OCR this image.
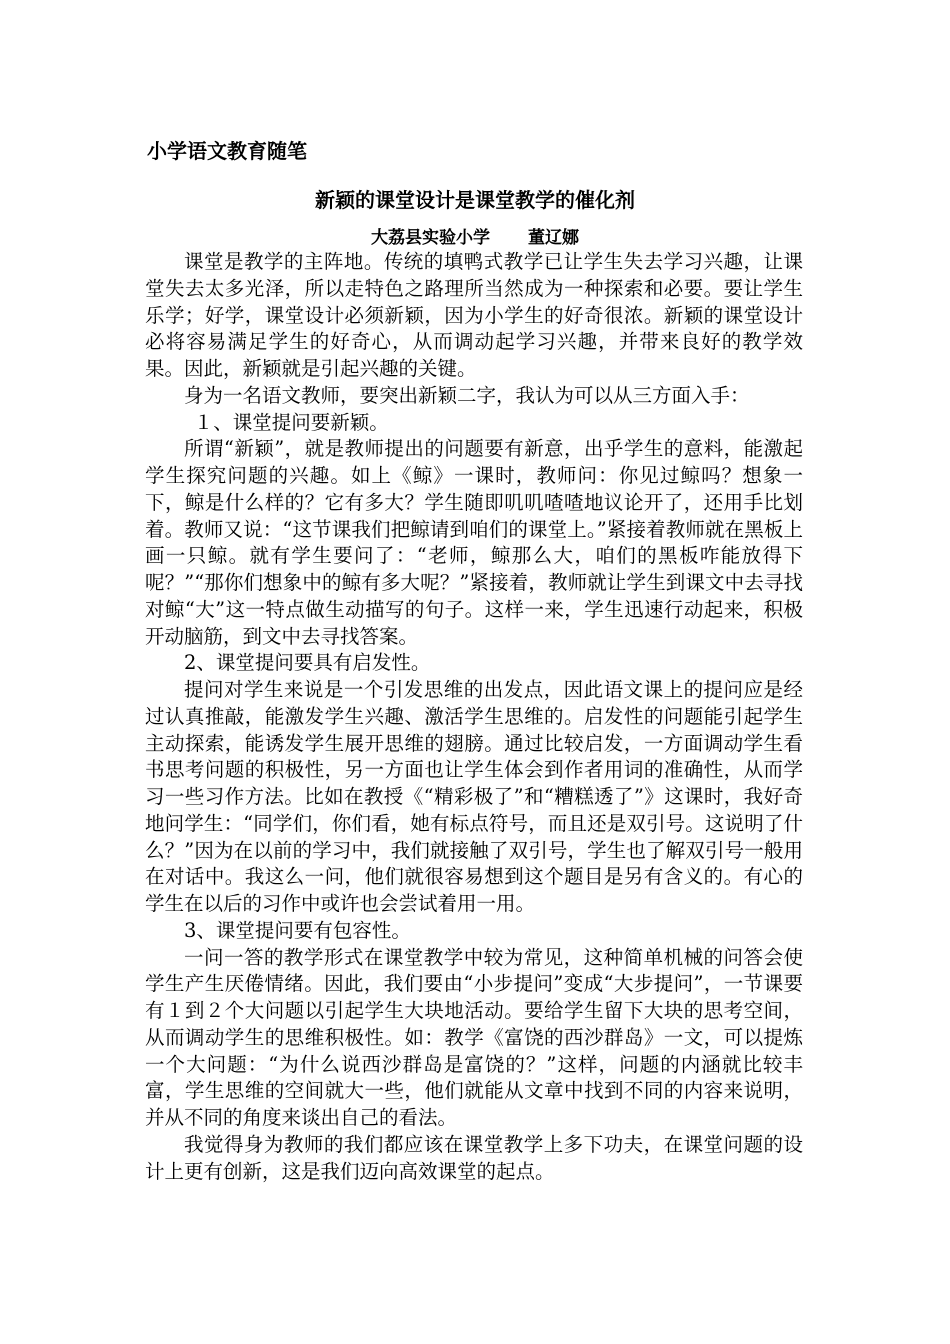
小学语文教育随笔
新颖的课堂设计是课堂教学的催化剂
大荔县实验小学 董辽娜

课堂是教学的主阵地。传统的填鸭式教学已让学生失去学习兴趣，让课堂失去太多光泽，所以走特色之路理所当然成为一种探索和必要。要让学生乐学；好学，课堂设计必须新颖，因为小学生的好奇很浓。新颖的课堂设计必将容易满足学生的好奇心，从而调动起学习兴趣，并带来良好的教学效果。因此，新颖就是引起兴趣的关键。

身为一名语文教师，要突出新颖二字，我认为可以从三方面入手：

１、课堂提问要新颖。

所谓“新颖”，就是教师提出的问题要有新意，出乎学生的意料，能激起学生探究问题的兴趣。如上《鲸》一课时，教师问：你见过鲸吗？想象一下，鲸是什么样的？它有多大？学生随即叽叽喳喳地议论开了，还用手比划着。教师又说：“这节课我们把鲸请到咱们的课堂上。”紧接着教师就在黑板上画一只鲸。就有学生要问了：“老师，鲸那么大，咱们的黑板咋能放得下呢？”“那你们想象中的鲸有多大呢？”紧接着，教师就让学生到课文中去寻找对鲸“大”这一特点做生动描写的句子。这样一来，学生迅速行动起来，积极开动脑筋，到文中去寻找答案。

2、课堂提问要具有启发性。

提问对学生来说是一个引发思维的出发点，因此语文课上的提问应是经过认真推敲，能激发学生兴趣、激活学生思维的。启发性的问题能引起学生主动探索，能诱发学生展开思维的翅膀。通过比较启发，一方面调动学生看书思考问题的积极性，另一方面也让学生体会到作者用词的准确性，从而学习一些习作方法。比如在教授《“精彩极了”和“糟糕透了”》这课时，我好奇地问学生：“同学们，你们看，她有标点符号，而且还是双引号。这说明了什么？”因为在以前的学习中，我们就接触了双引号，学生也了解双引号一般用在对话中。我这么一问，他们就很容易想到这个题目是另有含义的。有心的学生在以后的习作中或许也会尝试着用一用。

3、课堂提问要有包容性。

一问一答的教学形式在课堂教学中较为常见，这种简单机械的问答会使学生产生厌倦情绪。因此，我们要由“小步提问”变成“大步提问”，一节课要有１到２个大问题以引起学生大块地活动。要给学生留下大块的思考空间，从而调动学生的思维积极性。如：教学《富饶的西沙群岛》一文，可以提炼一个大问题：“为什么说西沙群岛是富饶的？”这样，问题的内涵就比较丰富，学生思维的空间就大一些，他们就能从文章中找到不同的内容来说明，并从不同的角度来谈出自己的看法。

我觉得身为教师的我们都应该在课堂教学上多下功夫，在课堂问题的设计上更有创新，这是我们迈向高效课堂的起点。
